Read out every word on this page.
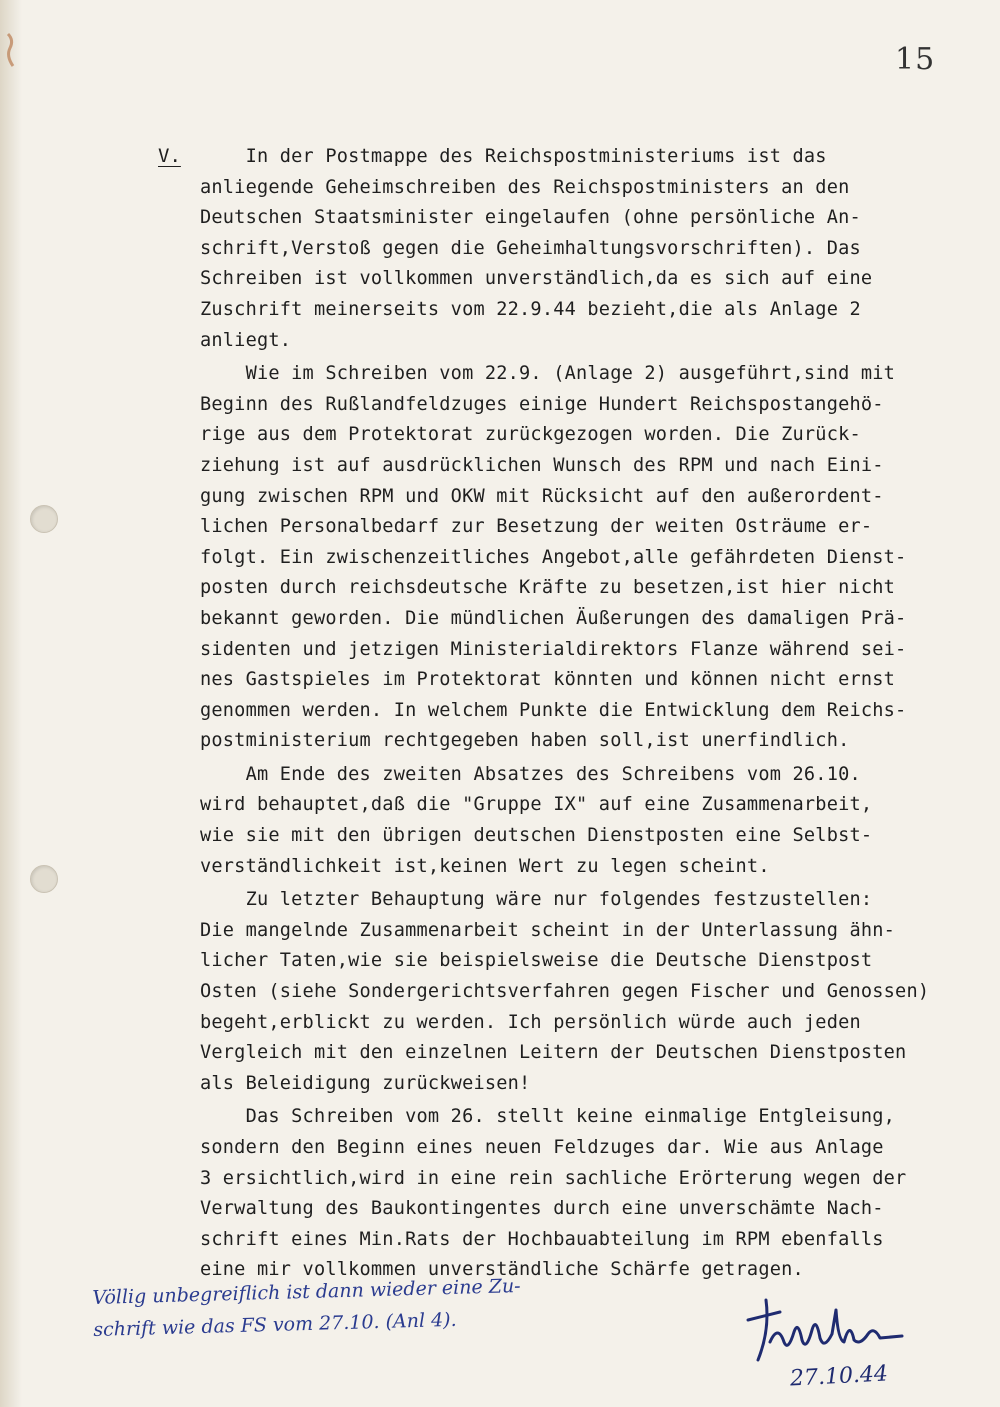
15
V. In der Postmappe des Reichspostministeriums ist das
anliegende Geheimschreiben des Reichspostministers an den
Deutschen Staatsminister eingelaufen (ohne persönliche An-
schrift,Verstoß gegen die Geheimhaltungsvorschriften). Das
Schreiben ist vollkommen unverständlich,da es sich auf eine
Zuschrift meinerseits vom 22.9.44 bezieht,die als Anlage 2
anliegt.
Wie im Schreiben vom 22.9. (Anlage 2) ausgeführt,sind mit
Beginn des Rußlandfeldzuges einige Hundert Reichspostangehö-
rige aus dem Protektorat zurückgezogen worden. Die Zurück-
ziehung ist auf ausdrücklichen Wunsch des RPM und nach Eini-
gung zwischen RPM und OKW mit Rücksicht auf den außerordent-
lichen Personalbedarf zur Besetzung der weiten Osträume er-
folgt. Ein zwischenzeitliches Angebot,alle gefährdeten Dienst-
posten durch reichsdeutsche Kräfte zu besetzen,ist hier nicht
bekannt geworden. Die mündlichen Äußerungen des damaligen Prä-
sidenten und jetzigen Ministerialdirektors Flanze während sei-
nes Gastspieles im Protektorat könnten und können nicht ernst
genommen werden. In welchem Punkte die Entwicklung dem Reichs-
postministerium rechtgegeben haben soll,ist unerfindlich.
Am Ende des zweiten Absatzes des Schreibens vom 26.10.
wird behauptet,daß die "Gruppe IX" auf eine Zusammenarbeit,
wie sie mit den übrigen deutschen Dienstposten eine Selbst-
verständlichkeit ist,keinen Wert zu legen scheint.
Zu letzter Behauptung wäre nur folgendes festzustellen:
Die mangelnde Zusammenarbeit scheint in der Unterlassung ähn-
licher Taten,wie sie beispielsweise die Deutsche Dienstpost
Osten (siehe Sondergerichtsverfahren gegen Fischer und Genossen)
begeht,erblickt zu werden. Ich persönlich würde auch jeden
Vergleich mit den einzelnen Leitern der Deutschen Dienstposten
als Beleidigung zurückweisen!
Das Schreiben vom 26. stellt keine einmalige Entgleisung,
sondern den Beginn eines neuen Feldzuges dar. Wie aus Anlage
3 ersichtlich,wird in eine rein sachliche Erörterung wegen der
Verwaltung des Baukontingentes durch eine unverschämte Nach-
schrift eines Min.Rats der Hochbauabteilung im RPM ebenfalls
eine mir vollkommen unverständliche Schärfe getragen.
Völlig unbegreiflich ist dann wieder eine Zu-
schrift wie das FS vom 27.10. (Anl 4).
27.10.44
